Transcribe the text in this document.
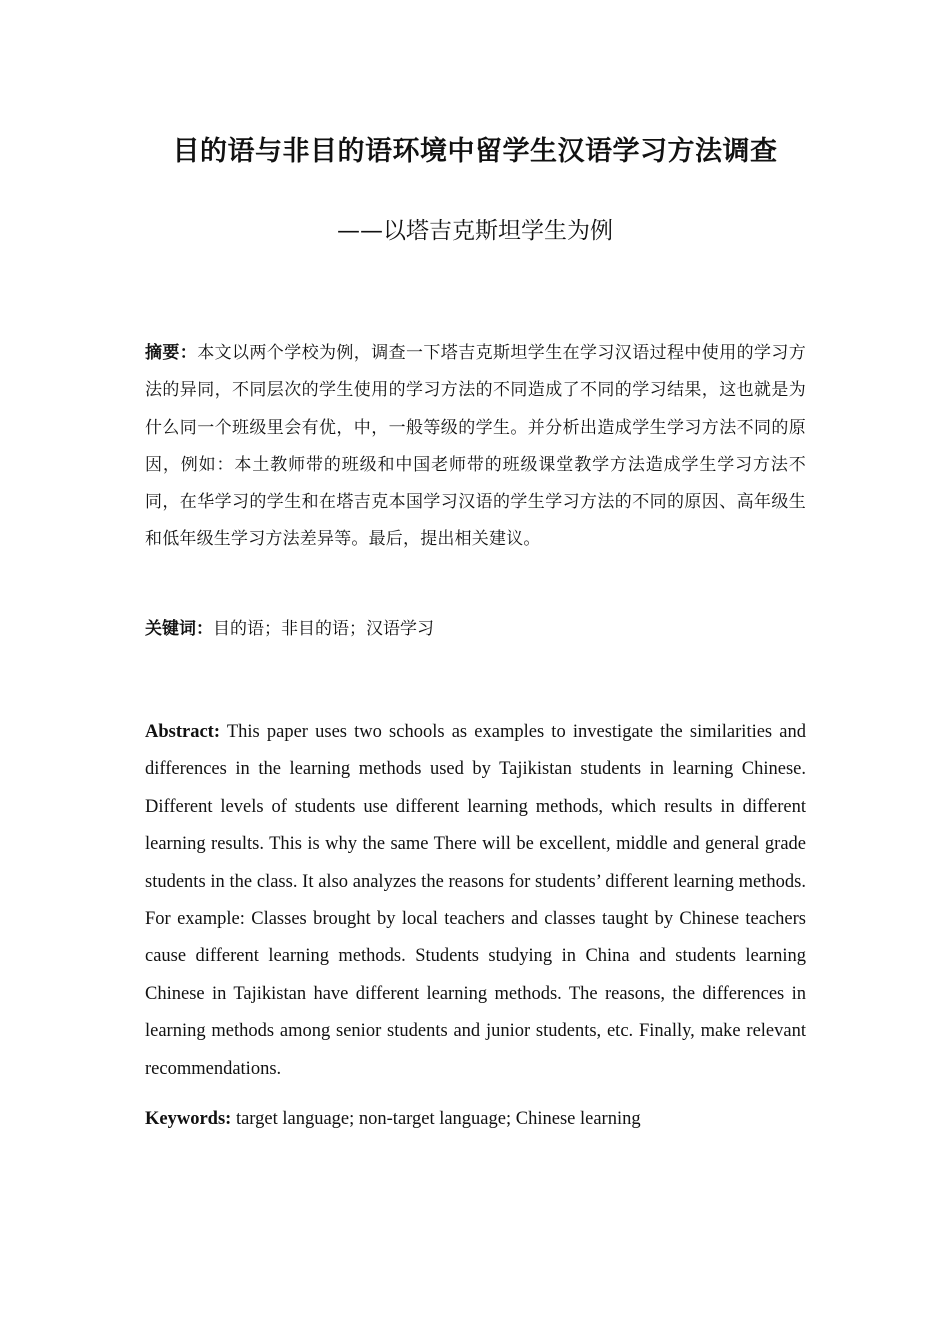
目的语与非目的语环境中留学生汉语学习方法调查
——以塔吉克斯坦学生为例
摘要：本文以两个学校为例，调查一下塔吉克斯坦学生在学习汉语过程中使用的学习方法的异同，不同层次的学生使用的学习方法的不同造成了不同的学习结果，这也就是为什么同一个班级里会有优，中，一般等级的学生。并分析出造成学生学习方法不同的原因，例如：本土教师带的班级和中国老师带的班级课堂教学方法造成学生学习方法不同，在华学习的学生和在塔吉克本国学习汉语的学生学习方法的不同的原因、高年级生和低年级生学习方法差异等。最后，提出相关建议。
关键词：目的语；非目的语；汉语学习
Abstract: This paper uses two schools as examples to investigate the similarities and differences in the learning methods used by Tajikistan students in learning Chinese. Different levels of students use different learning methods, which results in different learning results. This is why the same There will be excellent, middle and general grade students in the class. It also analyzes the reasons for students’ different learning methods. For example: Classes brought by local teachers and classes taught by Chinese teachers cause different learning methods. Students studying in China and students learning Chinese in Tajikistan have different learning methods. The reasons, the differences in learning methods among senior students and junior students, etc. Finally, make relevant recommendations.
Keywords: target language; non-target language; Chinese learning
